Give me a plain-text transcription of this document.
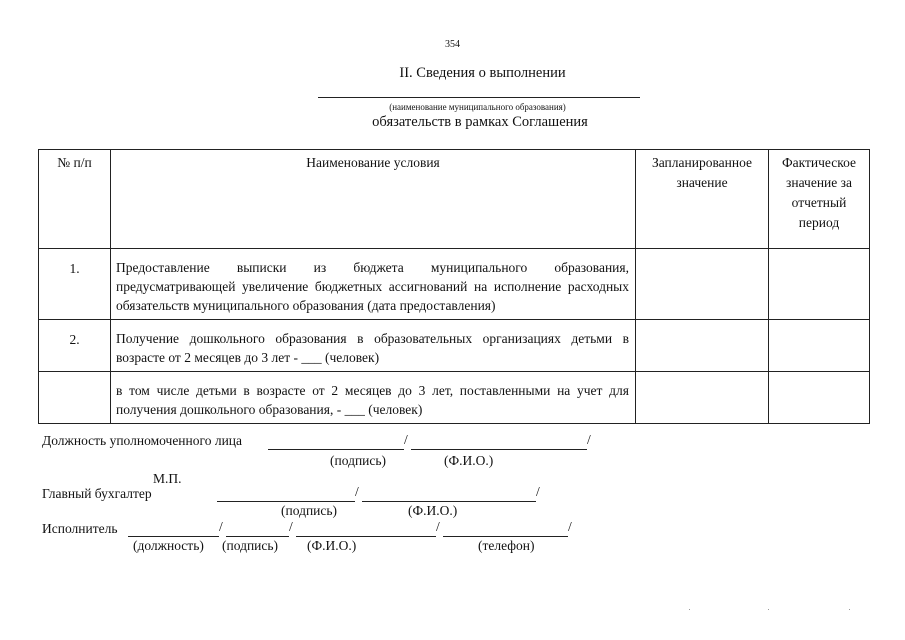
354
II. Сведения о выполнении
(наименование муниципального образования)
обязательств в рамках Соглашения
№ п/п	Наименование условия	Запланированное значение	Фактическое значение за отчетный период
1.	Предоставление выписки из бюджета муниципального образования, предусматривающей увеличение бюджетных ассигнований на исполнение расходных обязательств муниципального образования (дата предоставления)		
2.	Получение дошкольного образования в образовательных организациях детьми в возрасте от 2 месяцев до 3 лет - ___ (человек)		
	в том числе детьми в возрасте от 2 месяцев до 3 лет, поставленными на учет для получения дошкольного образования, - ___ (человек)		
Должность уполномоченного лица	/	/
(подпись)	(Ф.И.О.)
М.П.
Главный бухгалтер	/	/
(подпись)	(Ф.И.О.)
Исполнитель	/	/	/	/
(должность) (подпись) (Ф.И.О.)	(телефон)
